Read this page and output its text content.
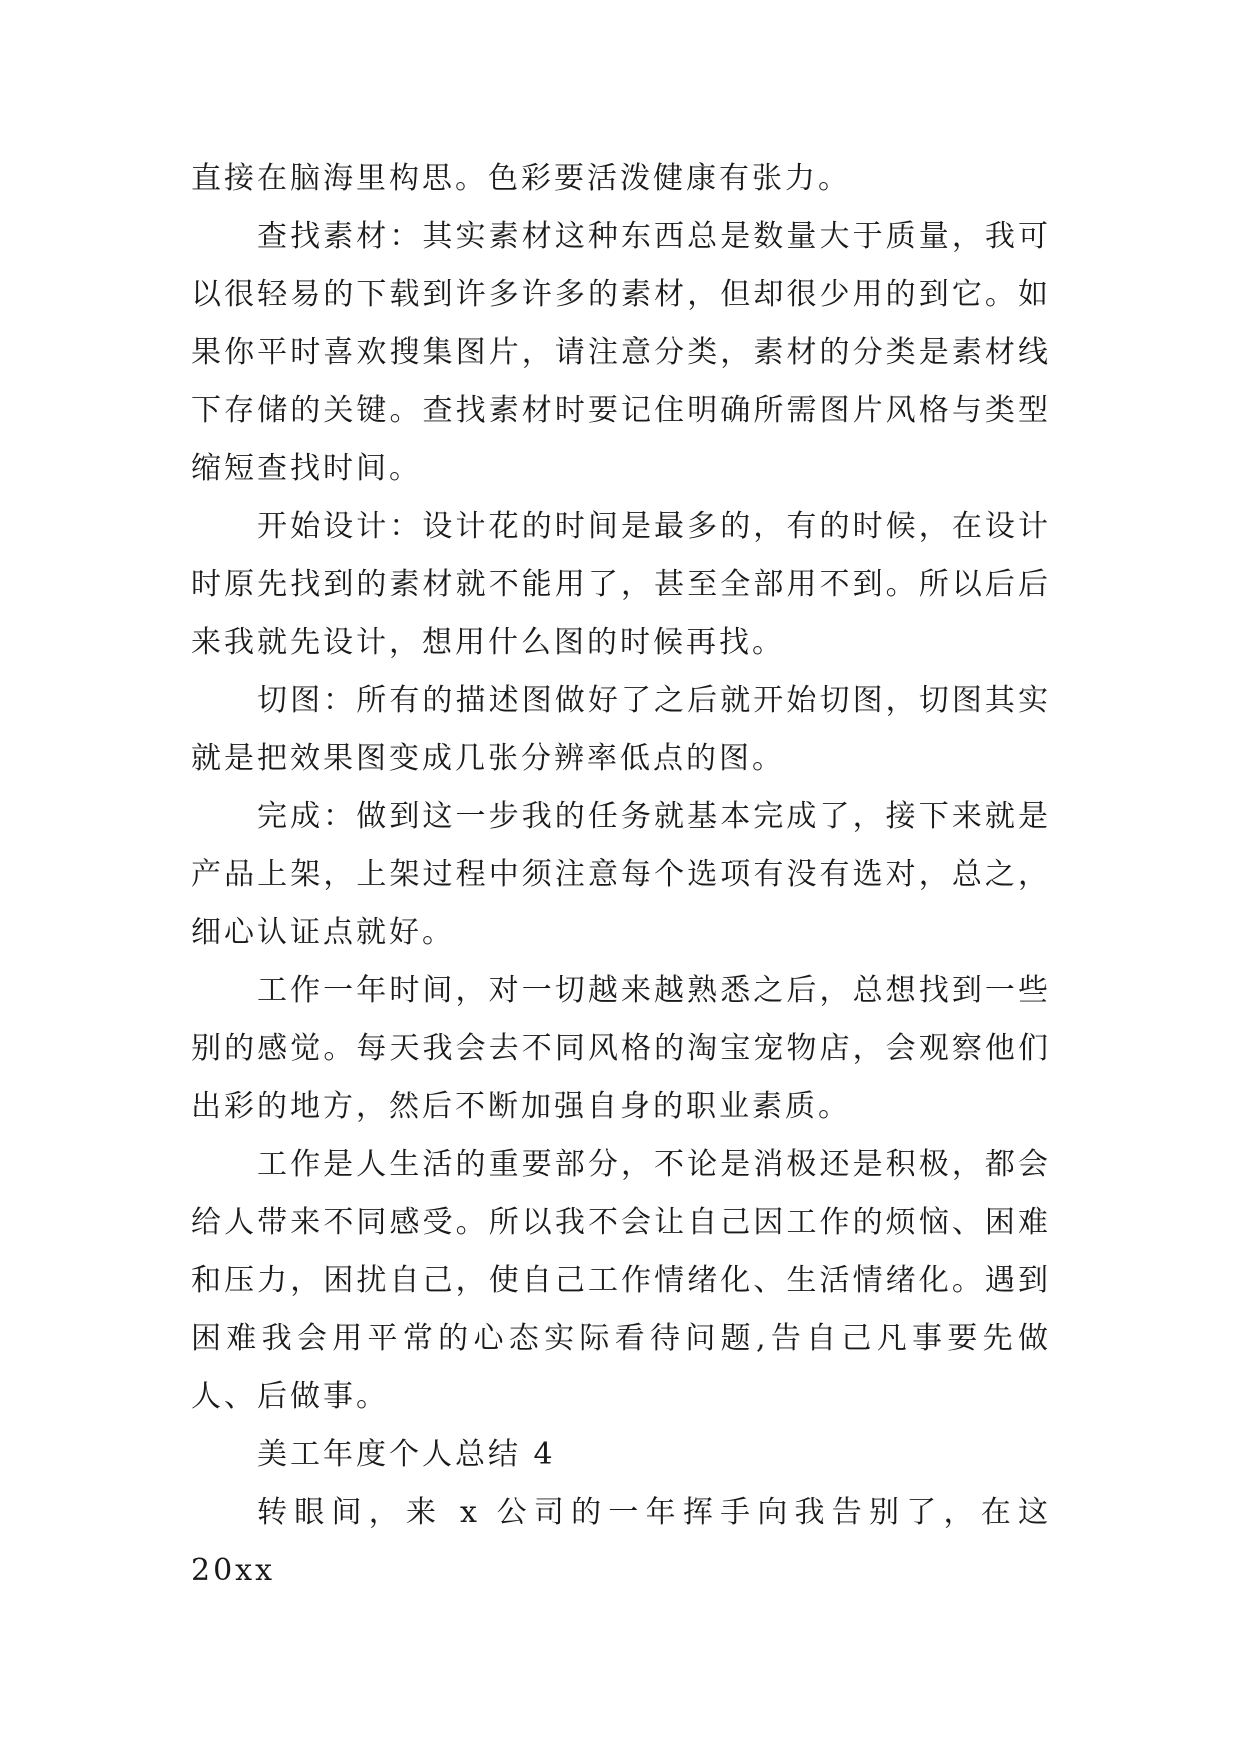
直接在脑海里构思。色彩要活泼健康有张力。

查找素材：其实素材这种东西总是数量大于质量，我可以很轻易的下载到许多许多的素材，但却很少用的到它。如果你平时喜欢搜集图片，请注意分类，素材的分类是素材线下存储的关键。查找素材时要记住明确所需图片风格与类型缩短查找时间。

开始设计：设计花的时间是最多的，有的时候，在设计时原先找到的素材就不能用了，甚至全部用不到。所以后后来我就先设计，想用什么图的时候再找。

切图：所有的描述图做好了之后就开始切图，切图其实就是把效果图变成几张分辨率低点的图。

完成：做到这一步我的任务就基本完成了，接下来就是产品上架，上架过程中须注意每个选项有没有选对，总之，细心认证点就好。

工作一年时间，对一切越来越熟悉之后，总想找到一些别的感觉。每天我会去不同风格的淘宝宠物店，会观察他们出彩的地方，然后不断加强自身的职业素质。

工作是人生活的重要部分，不论是消极还是积极，都会给人带来不同感受。所以我不会让自己因工作的烦恼、困难和压力，困扰自己，使自己工作情绪化、生活情绪化。遇到困难我会用平常的心态实际看待问题,告自己凡事要先做人、后做事。

美工年度个人总结 4

转眼间，来 x 公司的一年挥手向我告别了，在这 20xx
